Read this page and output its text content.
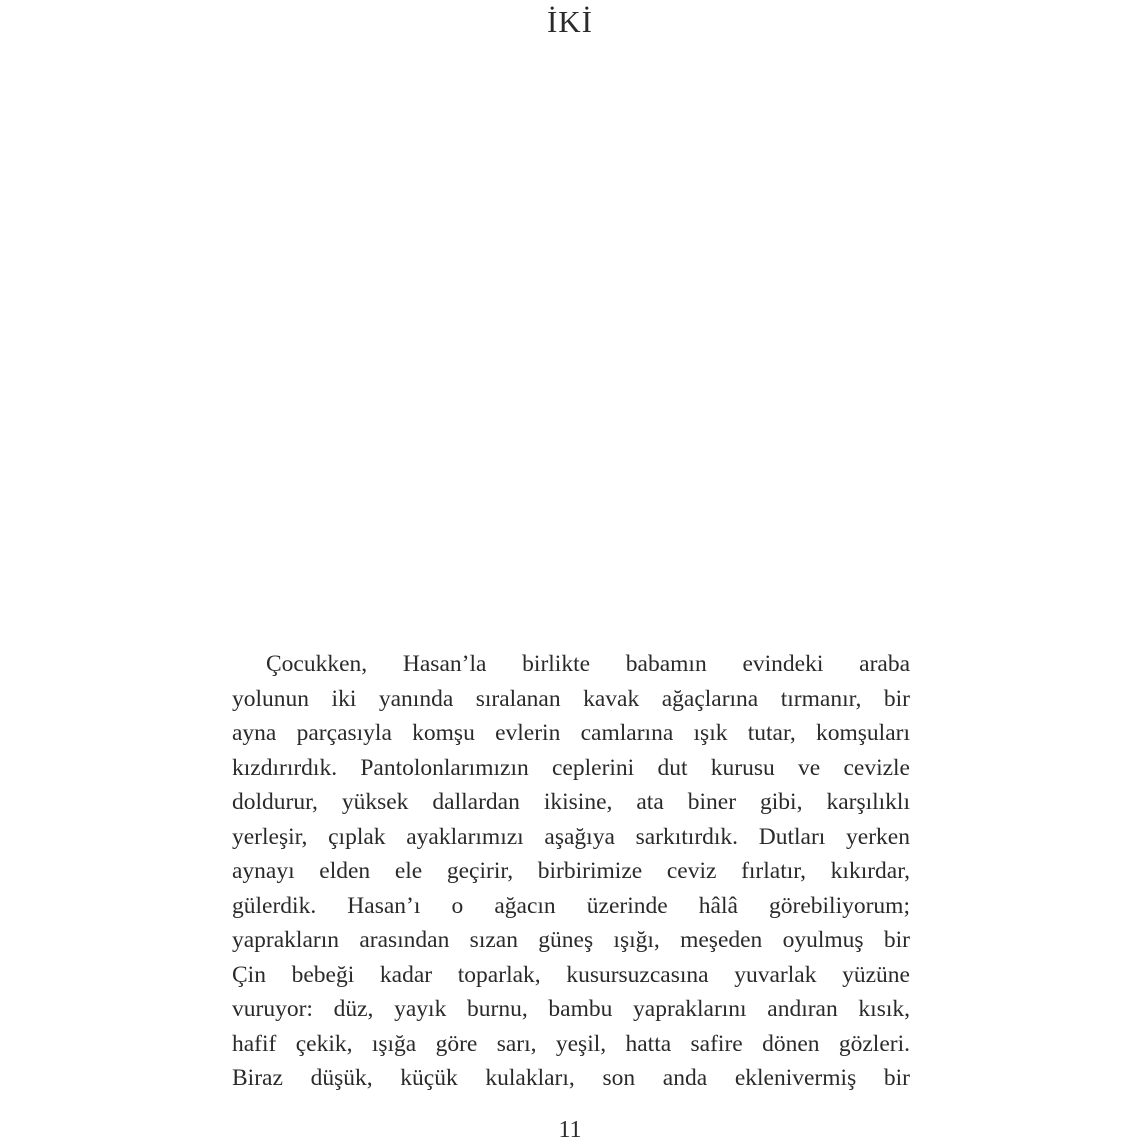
İKİ
Çocukken, Hasan’la birlikte babamın evindeki araba
yolunun iki yanında sıralanan kavak ağaçlarına tırmanır, bir
ayna parçasıyla komşu evlerin camlarına ışık tutar, komşuları
kızdırırdık. Pantolonlarımızın ceplerini dut kurusu ve cevizle
doldurur, yüksek dallardan ikisine, ata biner gibi, karşılıklı
yerleşir, çıplak ayaklarımızı aşağıya sarkıtırdık. Dutları yerken
aynayı elden ele geçirir, birbirimize ceviz fırlatır, kıkırdar,
gülerdik. Hasan’ı o ağacın üzerinde hâlâ görebiliyorum;
yaprakların arasından sızan güneş ışığı, meşeden oyulmuş bir
Çin bebeği kadar toparlak, kusursuzcasına yuvarlak yüzüne
vuruyor: düz, yayık burnu, bambu yapraklarını andıran kısık,
hafif çekik, ışığa göre sarı, yeşil, hatta safire dönen gözleri.
Biraz düşük, küçük kulakları, son anda eklenivermiş bir
11
